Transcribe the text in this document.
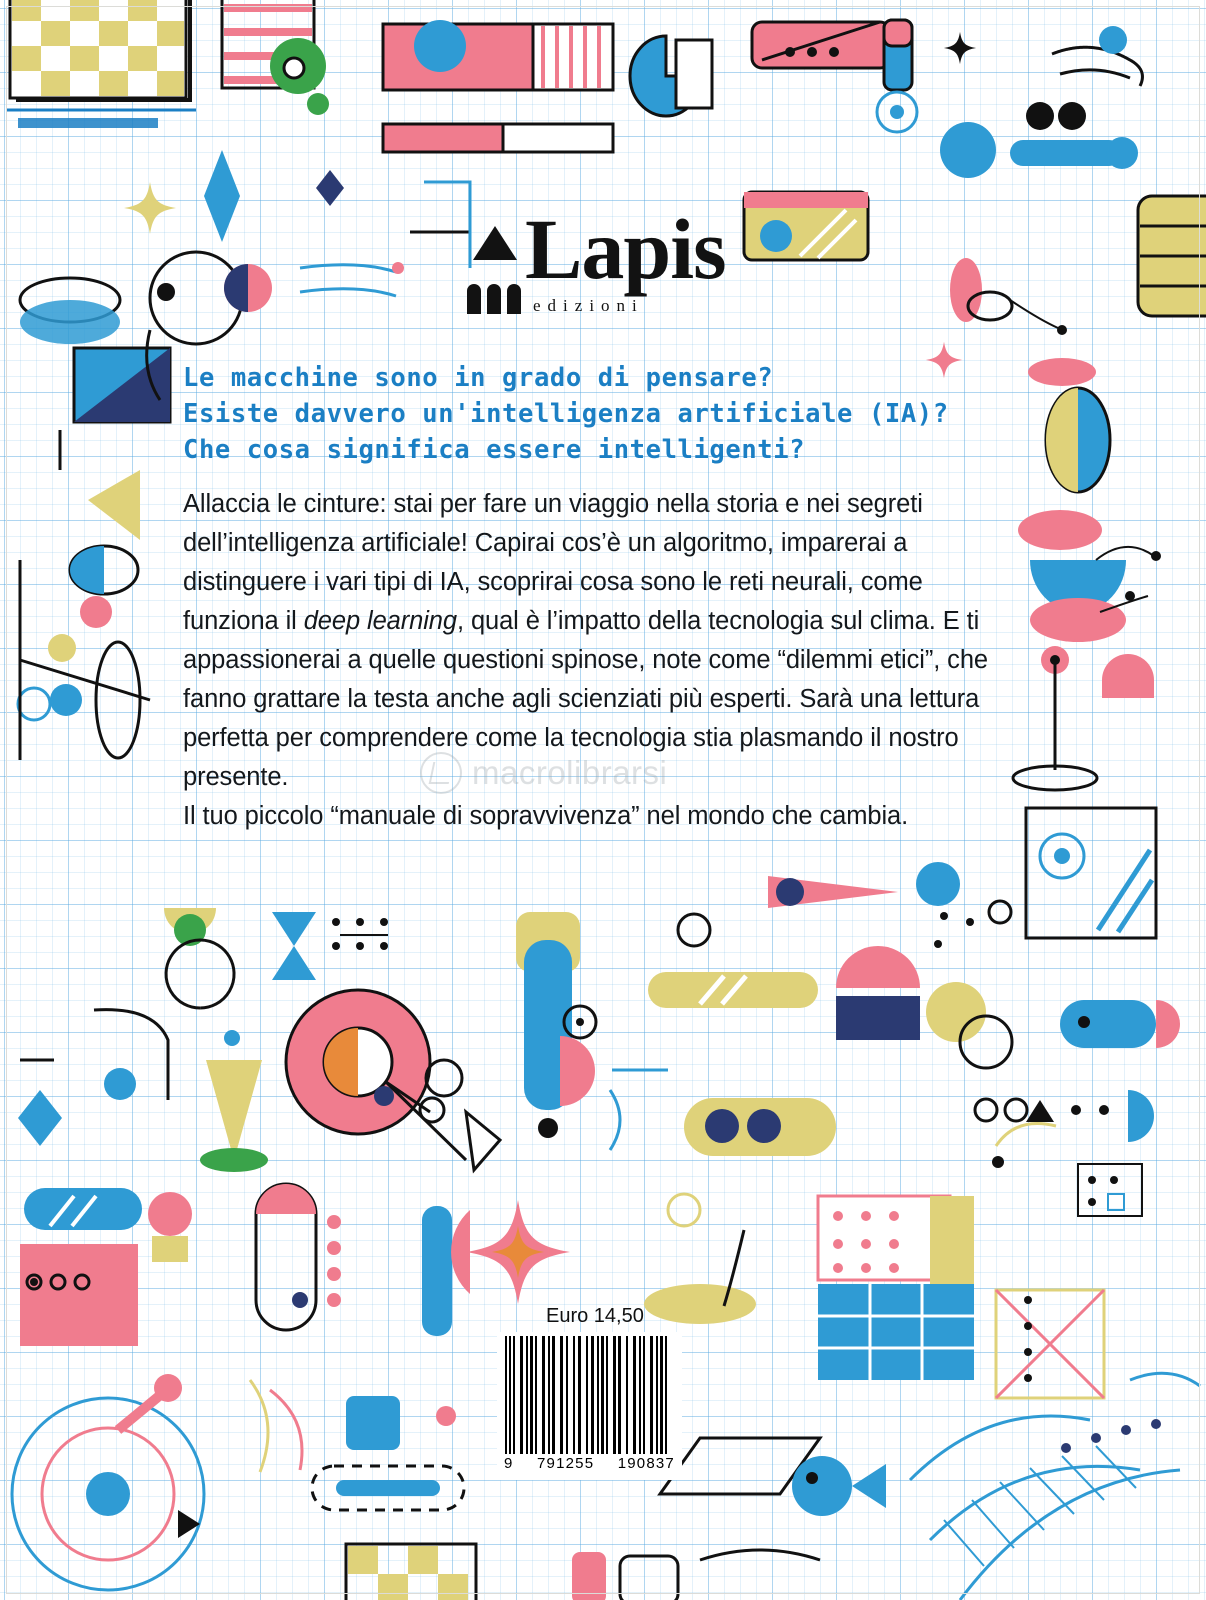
Lapis
edizioni
Le macchine sono in grado di pensare?
Esiste davvero un'intelligenza artificiale (IA)?
Che cosa significa essere intelligenti?

Allaccia le cinture: stai per fare un viaggio nella storia e nei segreti dell’intelligenza artificiale! Capirai cos’è un algoritmo, imparerai a distinguere i vari tipi di IA, scoprirai cosa sono le reti neurali, come funziona il deep learning, qual è l’impatto della tecnologia sul clima. E ti appassionerai a quelle questioni spinose, note come “dilemmi etici”, che fanno grattare la testa anche agli scienziati più esperti. Sarà una lettura perfetta per comprendere come la tecnologia stia plasmando il nostro presente.

Il tuo piccolo “manuale di sopravvivenza” nel mondo che cambia.

macrolibrarsi
Euro 14,50
9 791255 190837
